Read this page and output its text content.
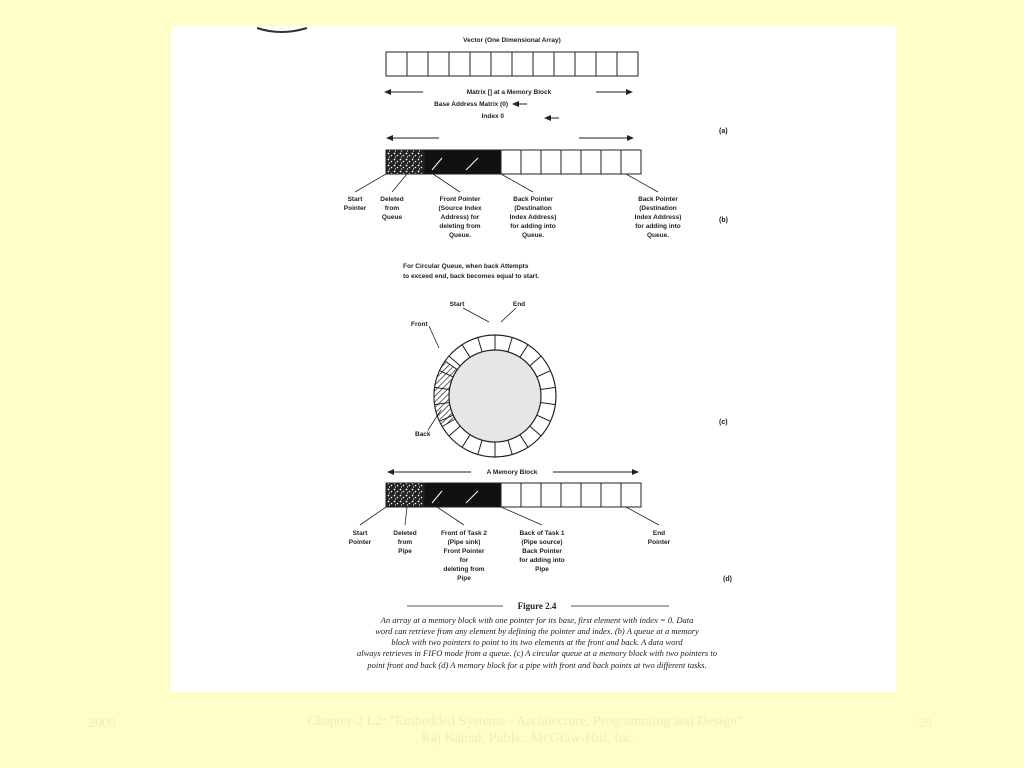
Vector (One Dimensional Array)
Matrix [] at a Memory Block
Base Address Matrix (0)
Index 0
(a)
Start
Pointer
Deleted
from
Queue
Front Pointer
(Source Index
Address) for
deleting from
Queue.
Back Pointer
(Destination
Index Address)
for adding into
Queue.
Back Pointer
(Destination
Index Address)
for adding into
Queue.
(b)
For Circular Queue, when back Attempts
to exceed end, back becomes equal to start.
Start	End
Front
Back
(c)
A Memory Block
Start
Pointer
Deleted
from
Pipe
Front of Task 2
(Pipe sink)
Front Pointer
for
deleting from
Pipe
Back of Task 1
(Pipe source)
Back Pointer
for adding into
Pipe
End
Pointer
(d)
Figure 2.4
An array at a memory block with one pointer for its base, first element with index = 0. Data
word can retrieve from any element by defining the pointer and index. (b) A queue at a memory
block with two pointers to point to its two elements at the front and back. A data word
always retrieves in FIFO mode from a queue. (c) A circular queue at a memory block with two pointers to
point front and back (d) A memory block for a pipe with front and back points at two different tasks.
2006	Chapter-2 L2: "Embedded Systems - Architecture, Programming and Design"
, Raj Kamal, Publs.: McGraw-Hill, Inc.
26
